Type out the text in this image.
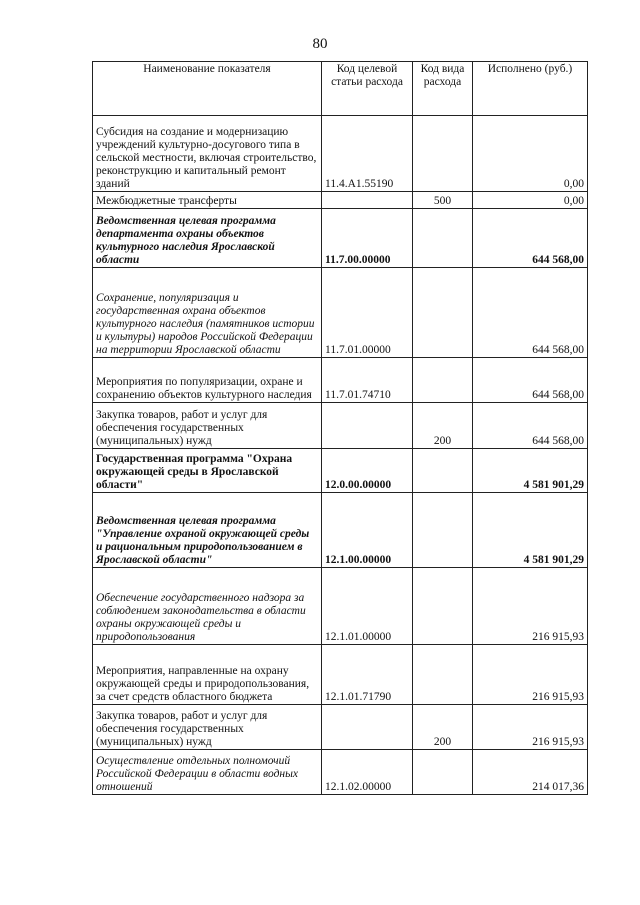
80
Наименование показателя	Код целевой статьи расхода	Код вида расхода	Исполнено (руб.)
Субсидия на создание и модернизацию учреждений культурно-досугового типа в сельской местности, включая строительство, реконструкцию и капитальный ремонт зданий	11.4.A1.55190		0,00
Межбюджетные трансферты		500	0,00
Ведомственная целевая программа департамента охраны объектов культурного наследия Ярославской области	11.7.00.00000		644 568,00
Сохранение, популяризация и государственная охрана объектов культурного наследия (памятников истории и культуры) народов Российской Федерации на территории Ярославской области	11.7.01.00000		644 568,00
Мероприятия по популяризации, охране и сохранению объектов культурного наследия	11.7.01.74710		644 568,00
Закупка товаров, работ и услуг для обеспечения государственных (муниципальных) нужд		200	644 568,00
Государственная программа "Охрана окружающей среды в Ярославской области"	12.0.00.00000		4 581 901,29
Ведомственная целевая программа "Управление охраной окружающей среды и рациональным природопользованием в Ярославской области"	12.1.00.00000		4 581 901,29
Обеспечение государственного надзора за соблюдением законодательства в области охраны окружающей среды и природопользования	12.1.01.00000		216 915,93
Мероприятия, направленные на охрану окружающей среды и природопользования, за счет средств областного бюджета	12.1.01.71790		216 915,93
Закупка товаров, работ и услуг для обеспечения государственных (муниципальных) нужд		200	216 915,93
Осуществление отдельных полномочий Российской Федерации в области водных отношений	12.1.02.00000		214 017,36
